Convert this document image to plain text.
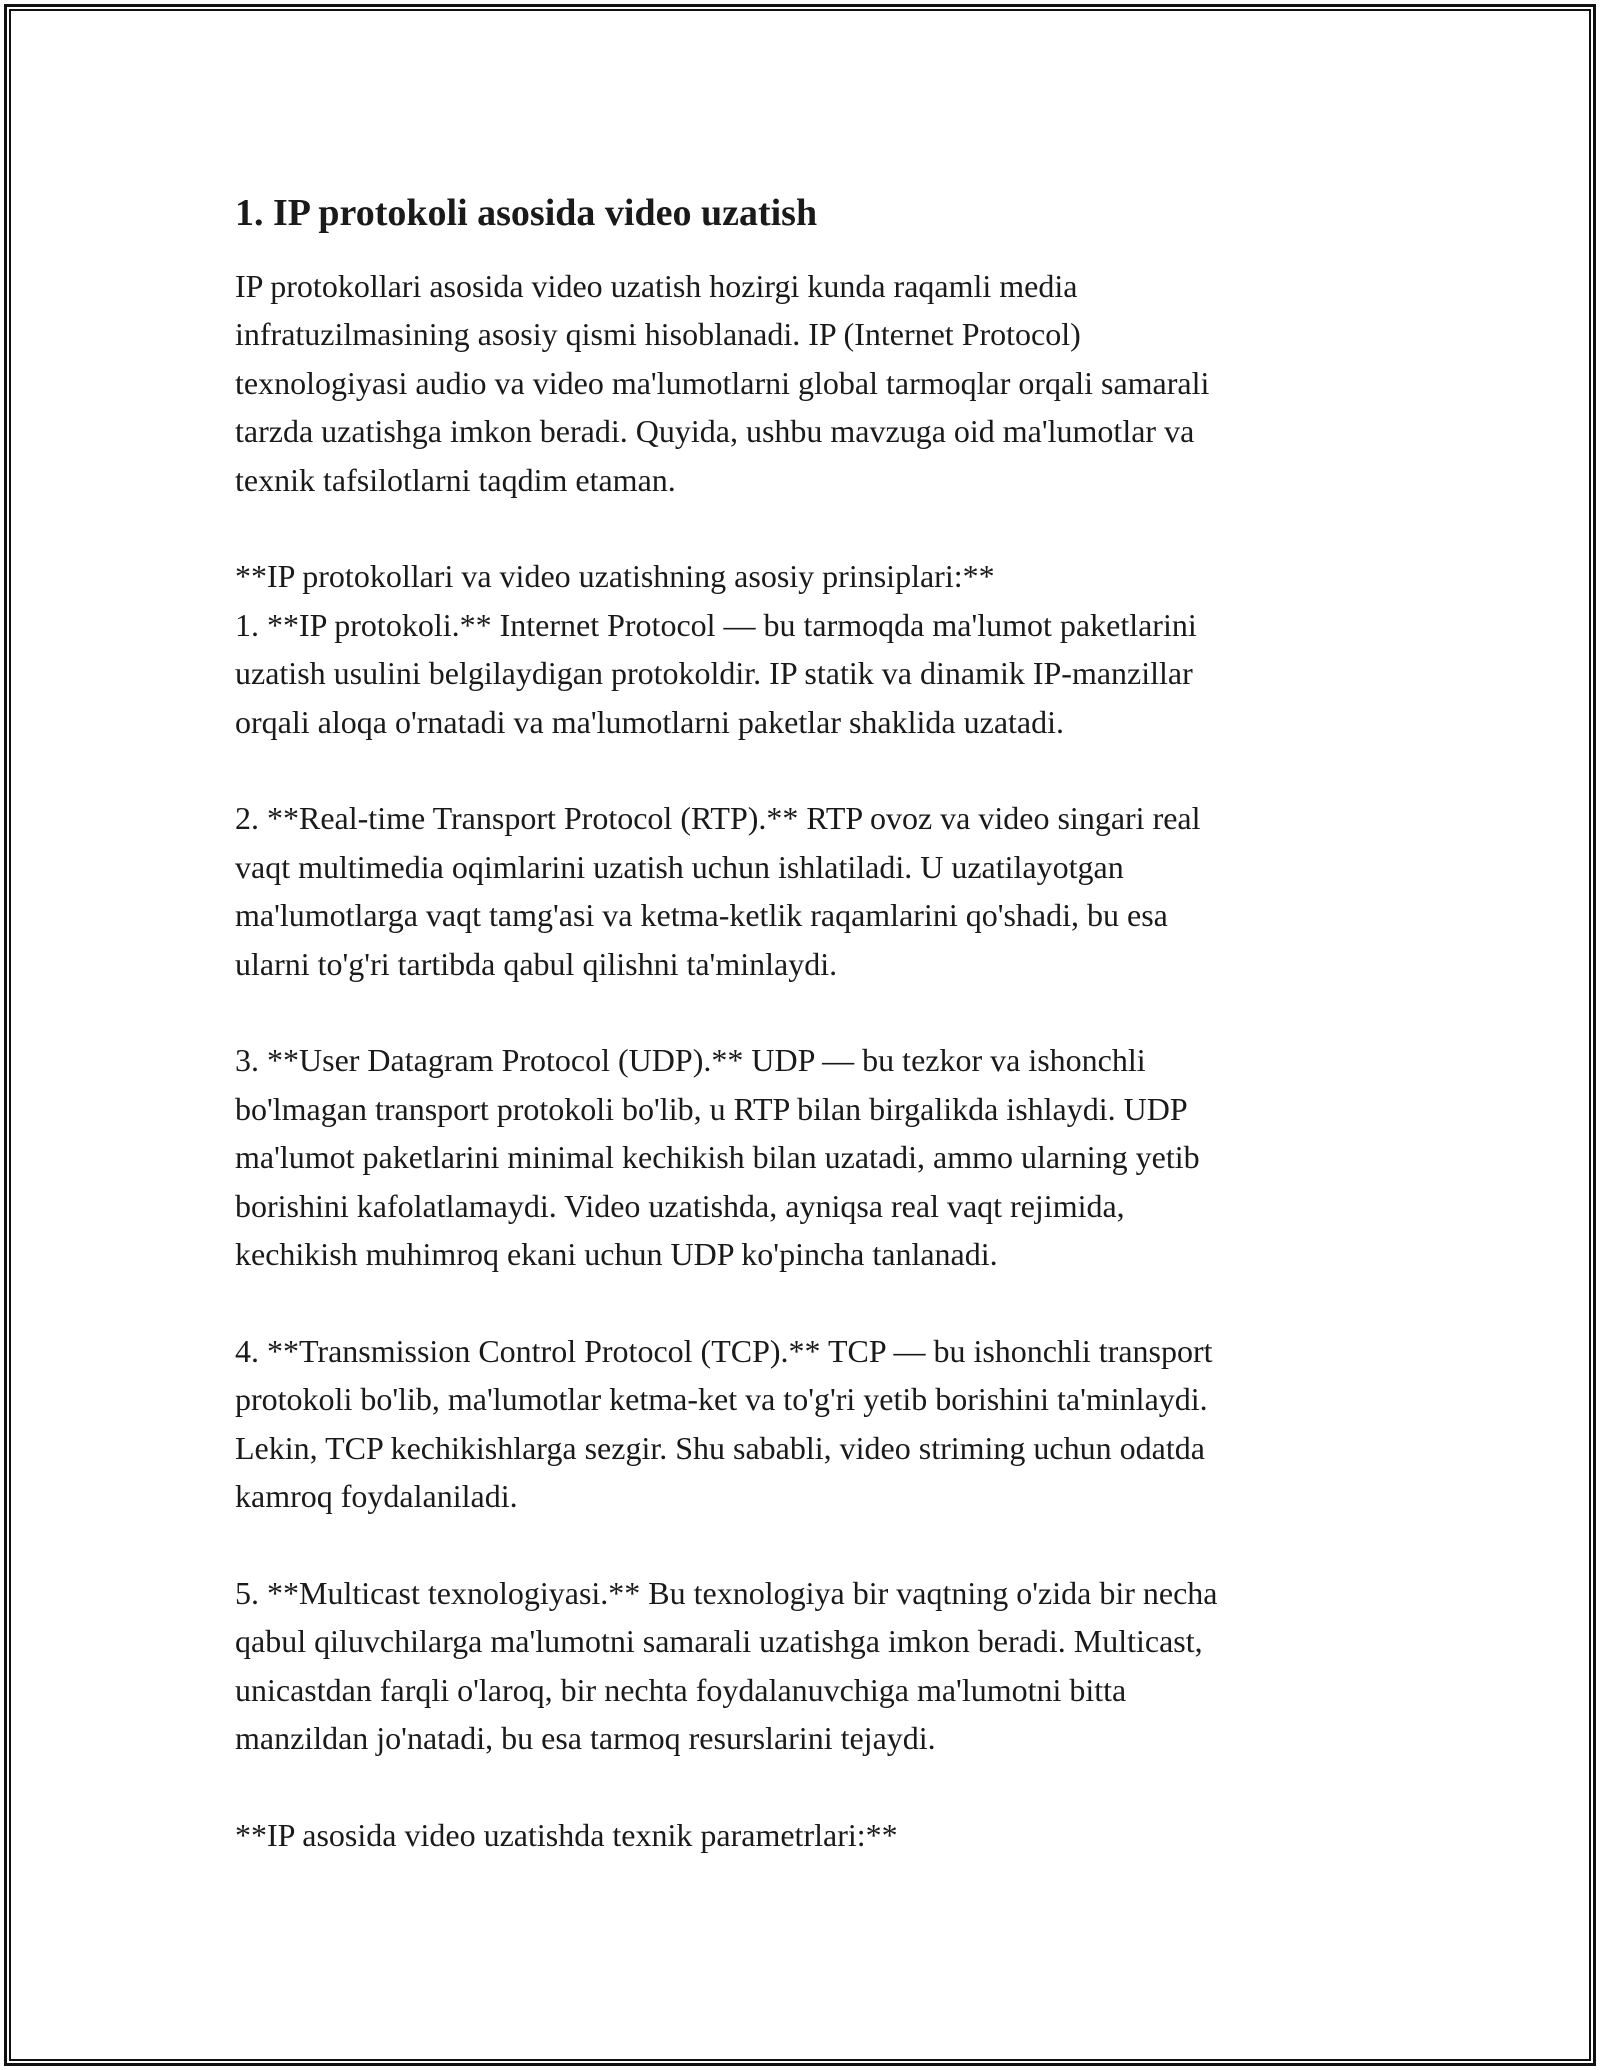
1. IP protokoli asosida video uzatish

IP protokollari asosida video uzatish hozirgi kunda raqamli media
infratuzilmasining asosiy qismi hisoblanadi. IP (Internet Protocol)
texnologiyasi audio va video ma'lumotlarni global tarmoqlar orqali samarali
tarzda uzatishga imkon beradi. Quyida, ushbu mavzuga oid ma'lumotlar va
texnik tafsilotlarni taqdim etaman.

**IP protokollari va video uzatishning asosiy prinsiplari:**
1. **IP protokoli.** Internet Protocol — bu tarmoqda ma'lumot paketlarini
uzatish usulini belgilaydigan protokoldir. IP statik va dinamik IP-manzillar
orqali aloqa o'rnatadi va ma'lumotlarni paketlar shaklida uzatadi.

2. **Real-time Transport Protocol (RTP).** RTP ovoz va video singari real
vaqt multimedia oqimlarini uzatish uchun ishlatiladi. U uzatilayotgan
ma'lumotlarga vaqt tamg'asi va ketma-ketlik raqamlarini qo'shadi, bu esa
ularni to'g'ri tartibda qabul qilishni ta'minlaydi.

3. **User Datagram Protocol (UDP).** UDP — bu tezkor va ishonchli
bo'lmagan transport protokoli bo'lib, u RTP bilan birgalikda ishlaydi. UDP
ma'lumot paketlarini minimal kechikish bilan uzatadi, ammo ularning yetib
borishini kafolatlamaydi. Video uzatishda, ayniqsa real vaqt rejimida,
kechikish muhimroq ekani uchun UDP ko'pincha tanlanadi.

4. **Transmission Control Protocol (TCP).** TCP — bu ishonchli transport
protokoli bo'lib, ma'lumotlar ketma-ket va to'g'ri yetib borishini ta'minlaydi.
Lekin, TCP kechikishlarga sezgir. Shu sababli, video striming uchun odatda
kamroq foydalaniladi.

5. **Multicast texnologiyasi.** Bu texnologiya bir vaqtning o'zida bir necha
qabul qiluvchilarga ma'lumotni samarali uzatishga imkon beradi. Multicast,
unicastdan farqli o'laroq, bir nechta foydalanuvchiga ma'lumotni bitta
manzildan jo'natadi, bu esa tarmoq resurslarini tejaydi.

**IP asosida video uzatishda texnik parametrlari:**
